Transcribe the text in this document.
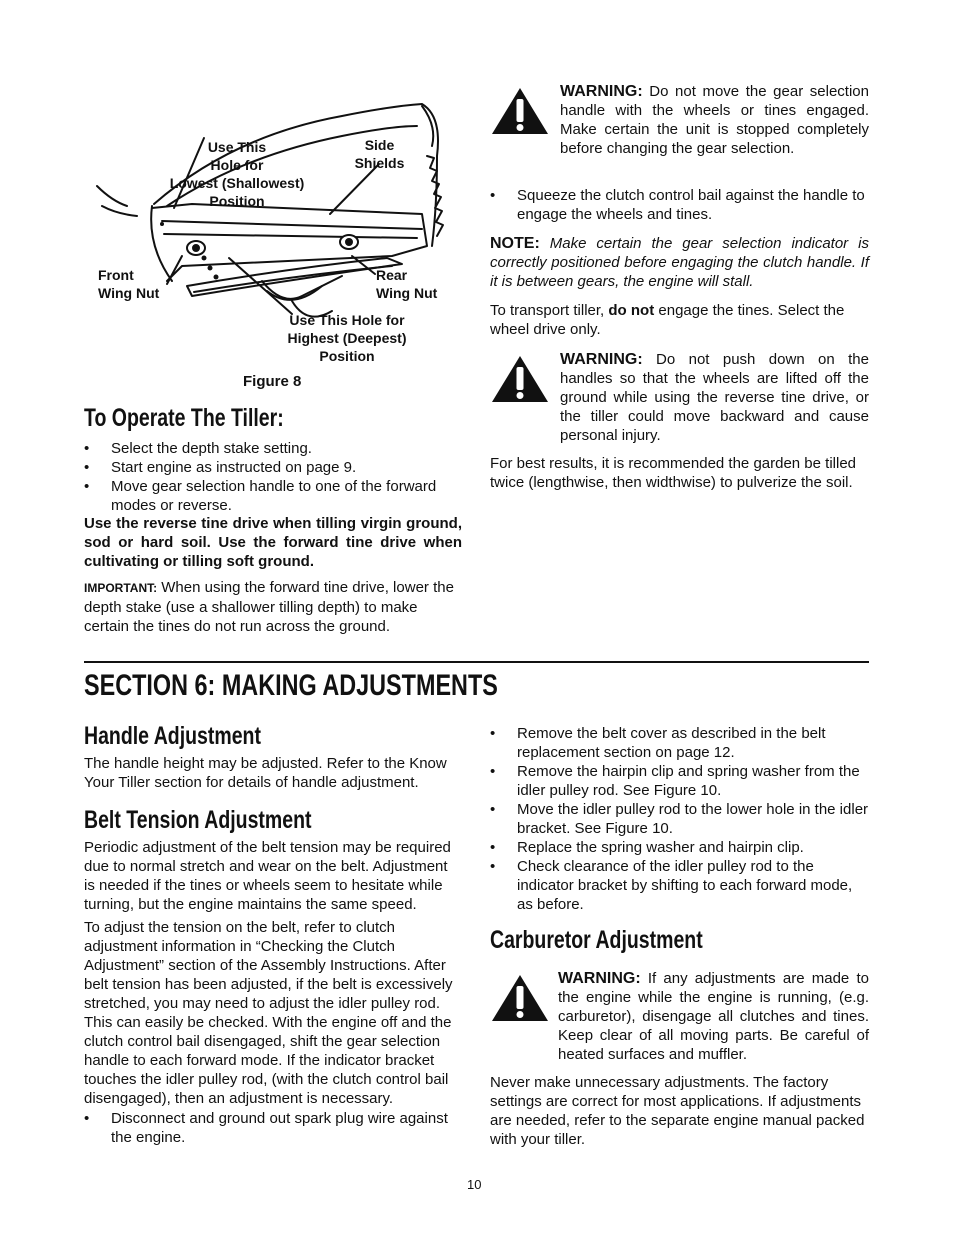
Use This
Hole for
Lowest (Shallowest)
Position
Side
Shields
Front
Wing Nut
Rear
Wing Nut
Use This Hole for
Highest (Deepest)
Position
Figure 8
To Operate The Tiller:
• Select the depth stake setting.
• Start engine as instructed on page 9.
• Move gear selection handle to one of the forward modes or reverse.

Use the reverse tine drive when tilling virgin ground, sod or hard soil. Use the forward tine drive when cultivating or tilling soft ground.

IMPORTANT: When using the forward tine drive, lower the depth stake (use a shallower tilling depth) to make certain the tines do not run across the ground.

WARNING: Do not move the gear selection handle with the wheels or tines engaged. Make certain the unit is stopped completely before changing the gear selection.

• Squeeze the clutch control bail against the handle to engage the wheels and tines.

NOTE: Make certain the gear selection indicator is correctly positioned before engaging the clutch handle. If it is between gears, the engine will stall.

To transport tiller, do not engage the tines. Select the wheel drive only.

WARNING: Do not push down on the handles so that the wheels are lifted off the ground while using the reverse tine drive, or the tiller could move backward and cause personal injury.

For best results, it is recommended the garden be tilled twice (lengthwise, then widthwise) to pulverize the soil.

SECTION 6: MAKING ADJUSTMENTS
Handle Adjustment

The handle height may be adjusted. Refer to the Know Your Tiller section for details of handle adjustment.

Belt Tension Adjustment

Periodic adjustment of the belt tension may be required due to normal stretch and wear on the belt. Adjustment is needed if the tines or wheels seem to hesitate while turning, but the engine maintains the same speed.

To adjust the tension on the belt, refer to clutch adjustment information in “Checking the Clutch Adjustment” section of the Assembly Instructions. After belt tension has been adjusted, if the belt is excessively stretched, you may need to adjust the idler pulley rod. This can easily be checked. With the engine off and the clutch control bail disengaged, shift the gear selection handle to each forward mode. If the indicator bracket touches the idler pulley rod, (with the clutch control bail disengaged), then an adjustment is necessary.

• Disconnect and ground out spark plug wire against the engine.
• Remove the belt cover as described in the belt replacement section on page 12.
• Remove the hairpin clip and spring washer from the idler pulley rod. See Figure 10.
• Move the idler pulley rod to the lower hole in the idler bracket. See Figure 10.
• Replace the spring washer and hairpin clip.
• Check clearance of the idler pulley rod to the indicator bracket by shifting to each forward mode, as before.
Carburetor Adjustment

WARNING: If any adjustments are made to the engine while the engine is running, (e.g. carburetor), disengage all clutches and tines. Keep clear of all moving parts. Be careful of heated surfaces and muffler.

Never make unnecessary adjustments. The factory settings are correct for most applications. If adjustments are needed, refer to the separate engine manual packed with your tiller.

10
